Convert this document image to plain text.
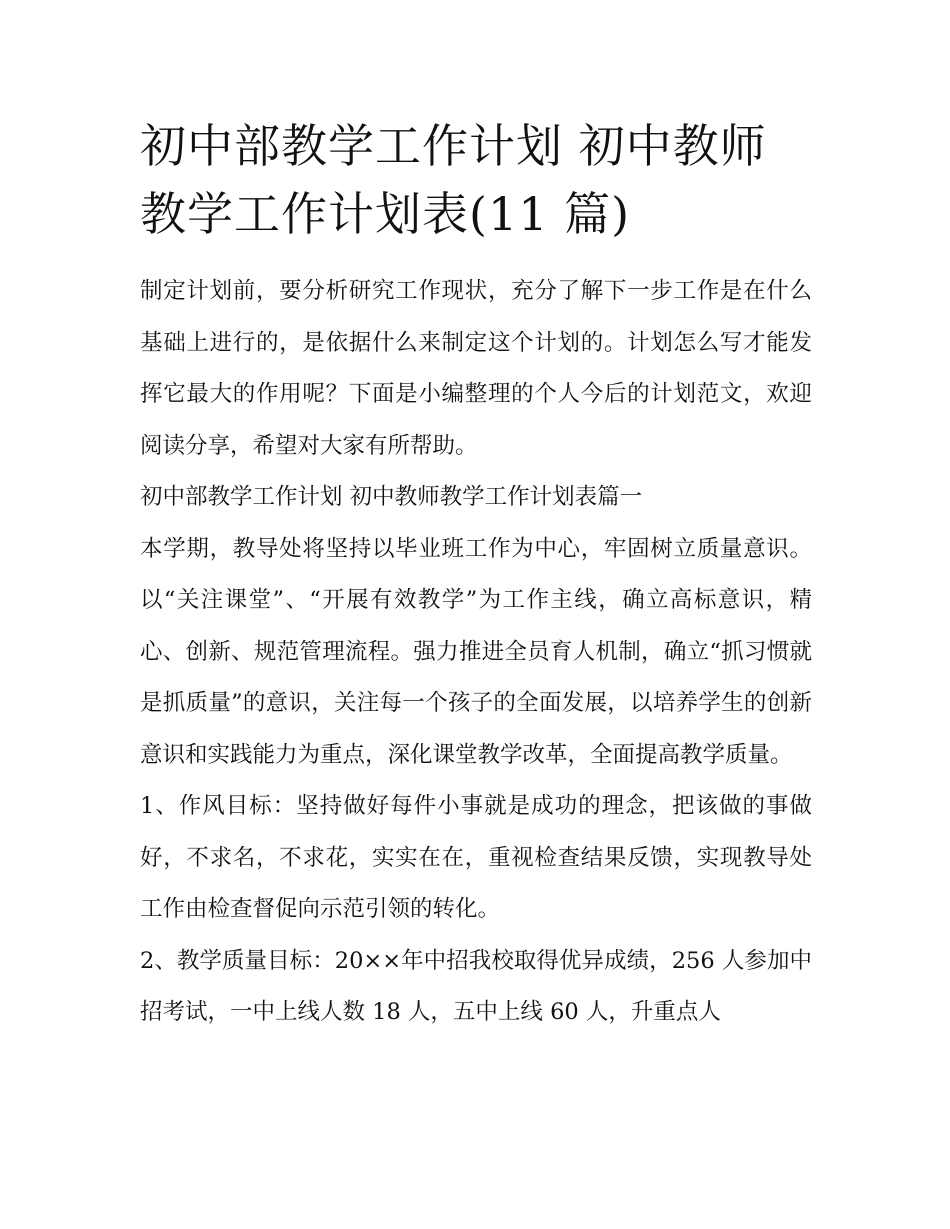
初中部教学工作计划 初中教师教学工作计划表(11 篇)

制定计划前，要分析研究工作现状，充分了解下一步工作是在什么基础上进行的，是依据什么来制定这个计划的。计划怎么写才能发挥它最大的作用呢？下面是小编整理的个人今后的计划范文，欢迎阅读分享，希望对大家有所帮助。

初中部教学工作计划 初中教师教学工作计划表篇一

本学期，教导处将坚持以毕业班工作为中心，牢固树立质量意识。以“关注课堂”、“开展有效教学”为工作主线，确立高标意识，精心、创新、规范管理流程。强力推进全员育人机制，确立“抓习惯就是抓质量”的意识，关注每一个孩子的全面发展，以培养学生的创新意识和实践能力为重点，深化课堂教学改革，全面提高教学质量。

1、作风目标：坚持做好每件小事就是成功的理念，把该做的事做好，不求名，不求花，实实在在，重视检查结果反馈，实现教导处工作由检查督促向示范引领的转化。

2、教学质量目标：20××年中招我校取得优异成绩，256 人参加中招考试，一中上线人数 18 人，五中上线 60 人，升重点人
